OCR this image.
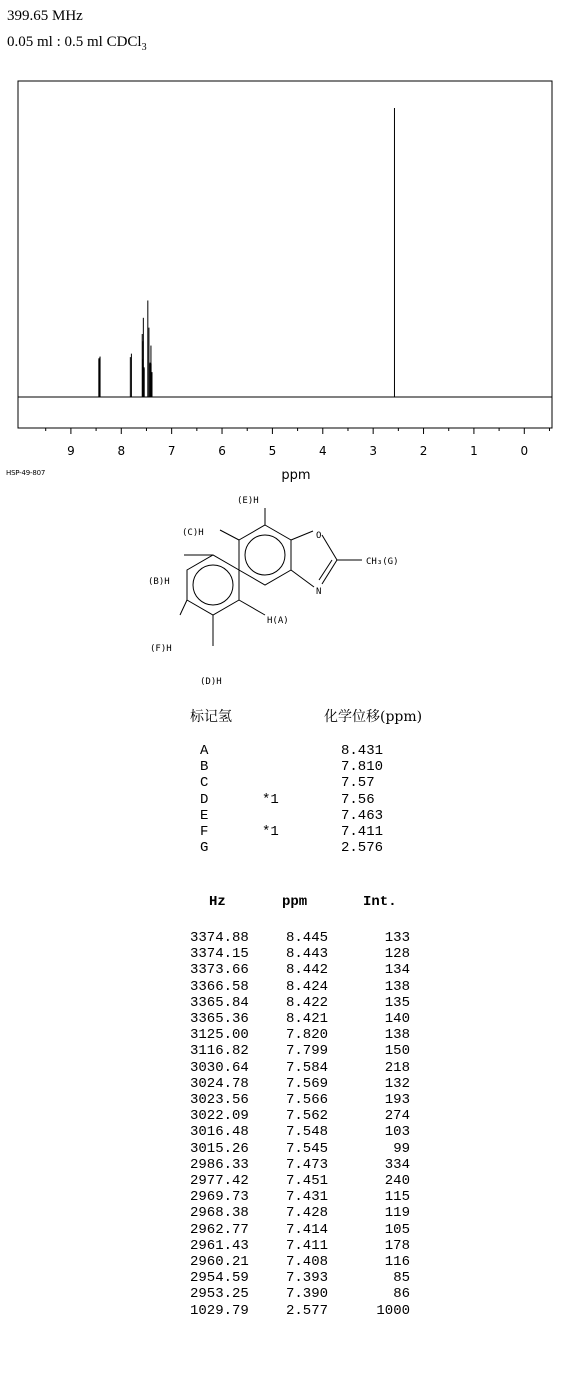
399.65 MHz
0.05 ml : 0.5 ml CDCl$_3$
9	8	7	6	5	4	3	2	1	0
ppm
HSP-49-807
(E)H
(C)H
(B)H
(F)H
(D)H
H(A)
O
N
CH₃(G)
标记氢	化学位移(ppm)
A	8.431
B	7.810
C	7.57
D	*1	7.56
E	7.463
F	*1	7.411
G	2.576
Hz	ppm	Int.
3374.88	8.445	133
3374.15	8.443	128
3373.66	8.442	134
3366.58	8.424	138
3365.84	8.422	135
3365.36	8.421	140
3125.00	7.820	138
3116.82	7.799	150
3030.64	7.584	218
3024.78	7.569	132
3023.56	7.566	193
3022.09	7.562	274
3016.48	7.548	103
3015.26	7.545	99
2986.33	7.473	334
2977.42	7.451	240
2969.73	7.431	115
2968.38	7.428	119
2962.77	7.414	105
2961.43	7.411	178
2960.21	7.408	116
2954.59	7.393	85
2953.25	7.390	86
1029.79	2.577	1000
